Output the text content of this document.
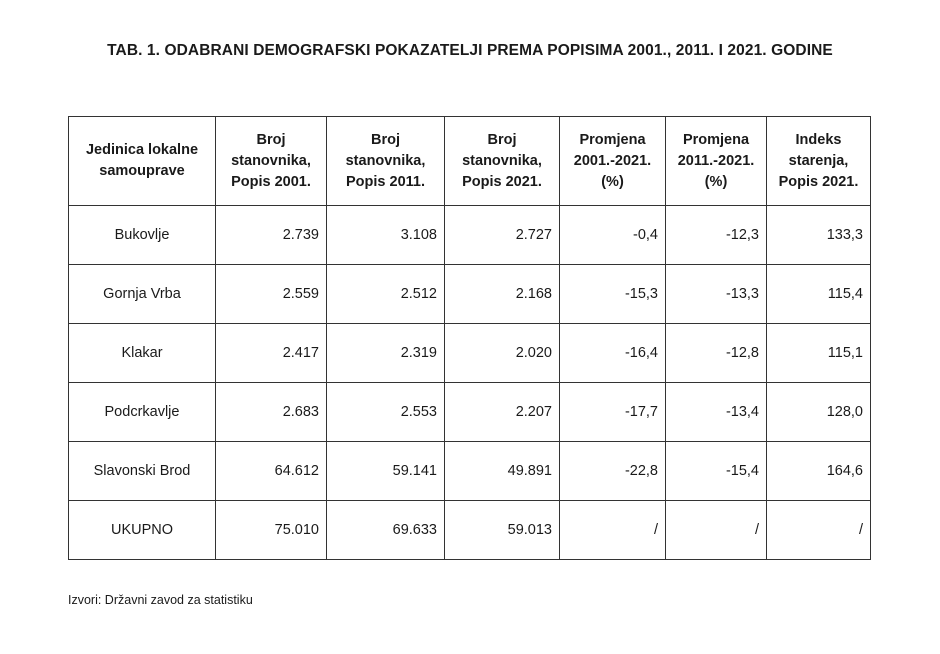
TAB. 1. ODABRANI DEMOGRAFSKI POKAZATELJI PREMA POPISIMA 2001., 2011. I 2021. GODINE
Jedinica lokalne samouprave	Broj stanovnika, Popis 2001.	Broj stanovnika, Popis 2011.	Broj stanovnika, Popis 2021.	Promjena 2001.-2021. (%)	Promjena 2011.-2021. (%)	Indeks starenja, Popis 2021.
Bukovlje	2.739	3.108	2.727	-0,4	-12,3	133,3
Gornja Vrba	2.559	2.512	2.168	-15,3	-13,3	115,4
Klakar	2.417	2.319	2.020	-16,4	-12,8	115,1
Podcrkavlje	2.683	2.553	2.207	-17,7	-13,4	128,0
Slavonski Brod	64.612	59.141	49.891	-22,8	-15,4	164,6
UKUPNO	75.010	69.633	59.013	/	/	/
Izvori: Državni zavod za statistiku
